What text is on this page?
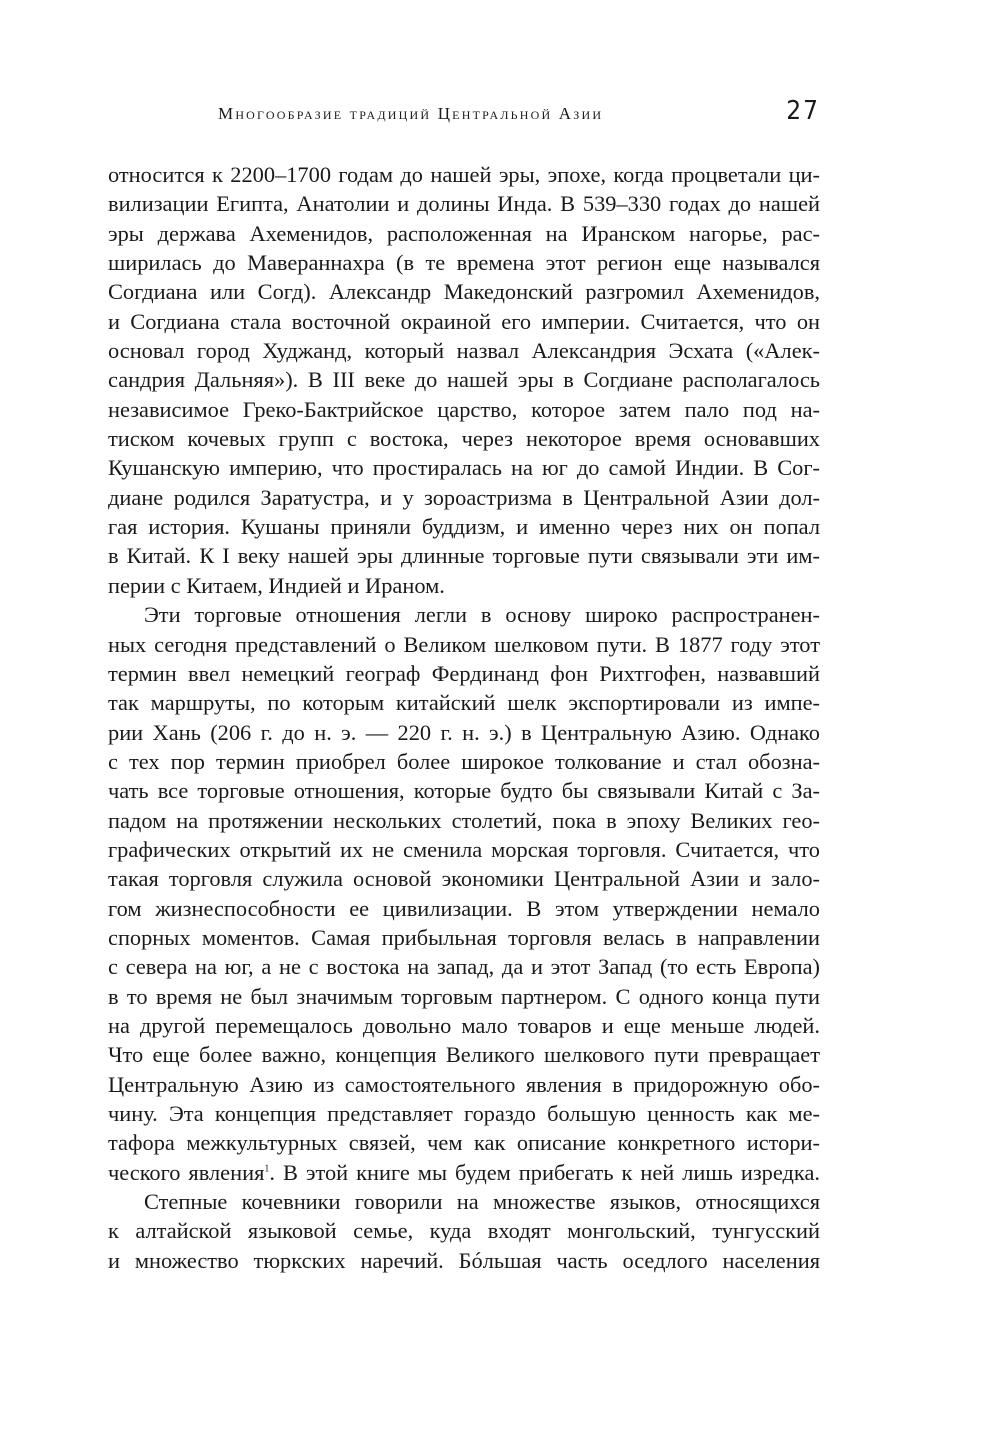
Многообразие традиций Центральной Азии	27
относится к 2200–1700 годам до нашей эры, эпохе, когда процветали ци-
вилизации Египта, Анатолии и долины Инда. В 539–330 годах до нашей
эры держава Ахеменидов, расположенная на Иранском нагорье, рас-
ширилась до Мавераннахра (в те времена этот регион еще назывался
Согдиана или Согд). Александр Македонский разгромил Ахеменидов,
и Согдиана стала восточной окраиной его империи. Считается, что он
основал город Худжанд, который назвал Александрия Эсхата («Алек-
сандрия Дальняя»). В III веке до нашей эры в Согдиане располагалось
независимое Греко-Бактрийское царство, которое затем пало под на-
тиском кочевых групп с востока, через некоторое время основавших
Кушанскую империю, что простиралась на юг до самой Индии. В Сог-
диане родился Заратустра, и у зороастризма в Центральной Азии дол-
гая история. Кушаны приняли буддизм, и именно через них он попал
в Китай. К I веку нашей эры длинные торговые пути связывали эти им-
перии с Китаем, Индией и Ираном.
Эти торговые отношения легли в основу широко распространен-
ных сегодня представлений о Великом шелковом пути. В 1877 году этот
термин ввел немецкий географ Фердинанд фон Рихтгофен, назвавший
так маршруты, по которым китайский шелк экспортировали из импе-
рии Хань (206 г. до н. э. — 220 г. н. э.) в Центральную Азию. Однако
с тех пор термин приобрел более широкое толкование и стал обозна-
чать все торговые отношения, которые будто бы связывали Китай с За-
падом на протяжении нескольких столетий, пока в эпоху Великих гео-
графических открытий их не сменила морская торговля. Считается, что
такая торговля служила основой экономики Центральной Азии и зало-
гом жизнеспособности ее цивилизации. В этом утверждении немало
спорных моментов. Самая прибыльная торговля велась в направлении
с севера на юг, а не с востока на запад, да и этот Запад (то есть Европа)
в то время не был значимым торговым партнером. С одного конца пути
на другой перемещалось довольно мало товаров и еще меньше людей.
Что еще более важно, концепция Великого шелкового пути превращает
Центральную Азию из самостоятельного явления в придорожную обо-
чину. Эта концепция представляет гораздо большую ценность как ме-
тафора межкультурных связей, чем как описание конкретного истори-
ческого явления$^1$. В этой книге мы будем прибегать к ней лишь изредка.
Степные кочевники говорили на множестве языков, относящихся
к алтайской языковой семье, куда входят монгольский, тунгусский
и множество тюркских наречий. Бóльшая часть оседлого населения
